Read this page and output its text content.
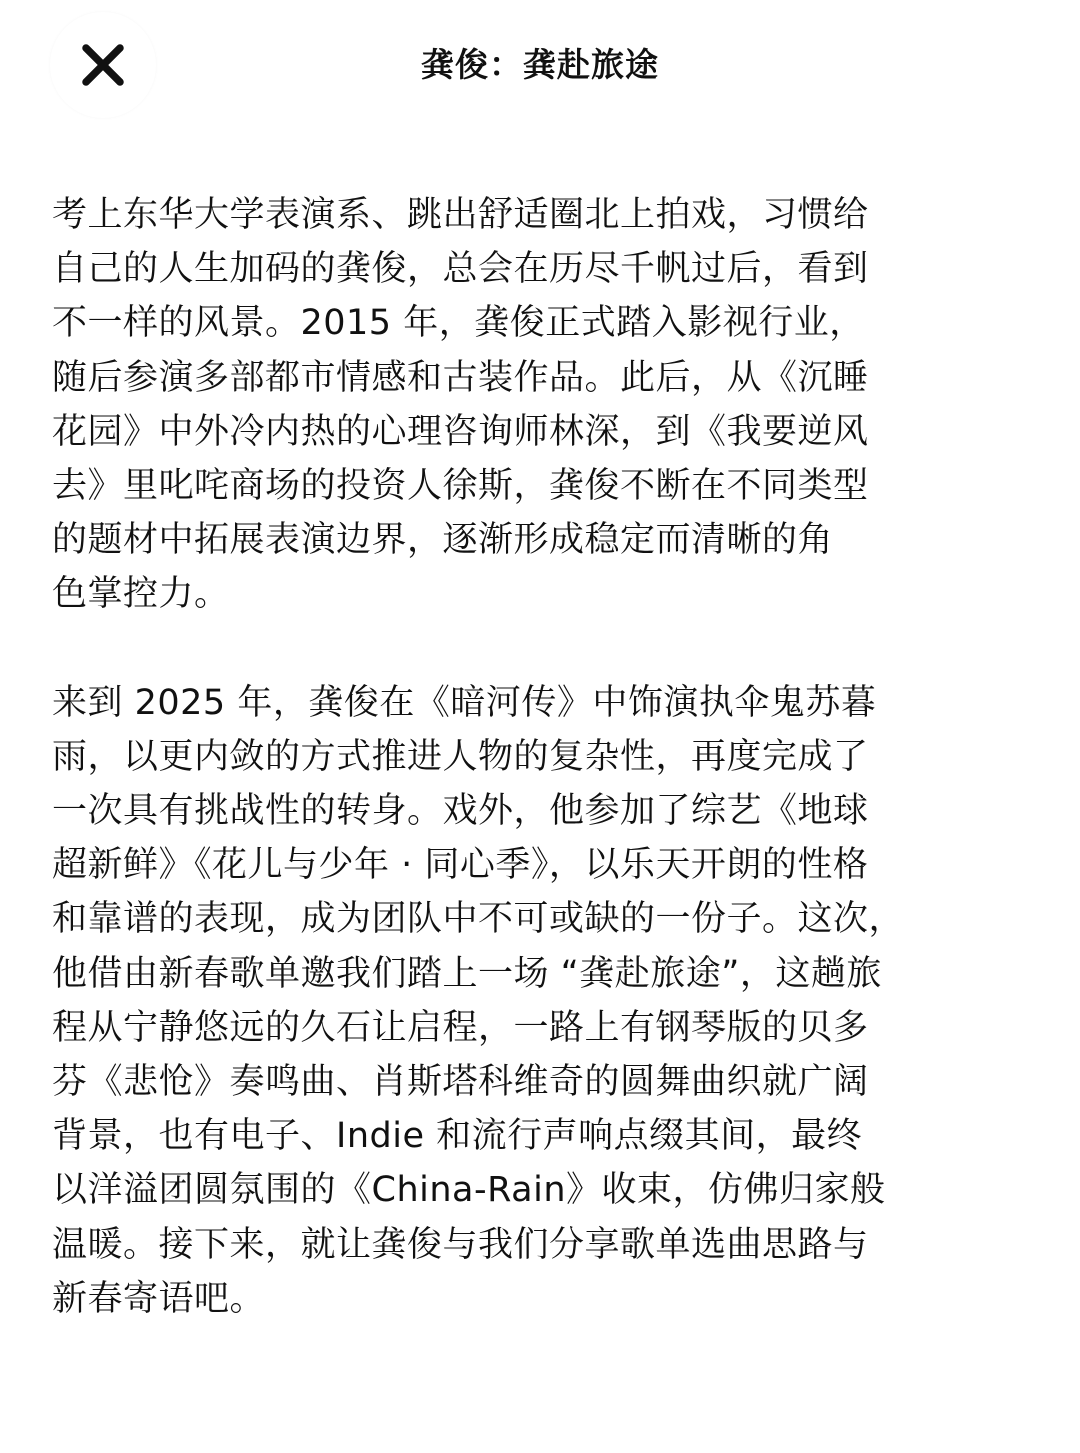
龚俊：龚赴旅途

考上东华大学表演系、跳出舒适圈北上拍戏，习惯给
自己的人生加码的龚俊，总会在历尽千帆过后，看到
不一样的风景。2015 年，龚俊正式踏入影视行业，
随后参演多部都市情感和古装作品。此后，从《沉睡
花园》中外冷内热的心理咨询师林深，到《我要逆风
去》里叱咤商场的投资人徐斯，龚俊不断在不同类型
的题材中拓展表演边界，逐渐形成稳定而清晰的角
色掌控力。

来到 2025 年，龚俊在《暗河传》中饰演执伞鬼苏暮
雨，以更内敛的方式推进人物的复杂性，再度完成了
一次具有挑战性的转身。戏外，他参加了综艺《地球
超新鲜》《花儿与少年 · 同心季》，以乐天开朗的性格
和靠谱的表现，成为团队中不可或缺的一份子。这次，
他借由新春歌单邀我们踏上一场 “龚赴旅途”，这趟旅
程从宁静悠远的久石让启程，一路上有钢琴版的贝多
芬《悲怆》奏鸣曲、肖斯塔科维奇的圆舞曲织就广阔
背景，也有电子、Indie 和流行声响点缀其间，最终
以洋溢团圆氛围的《China-Rain》收束，仿佛归家般
温暖。接下来，就让龚俊与我们分享歌单选曲思路与
新春寄语吧。
